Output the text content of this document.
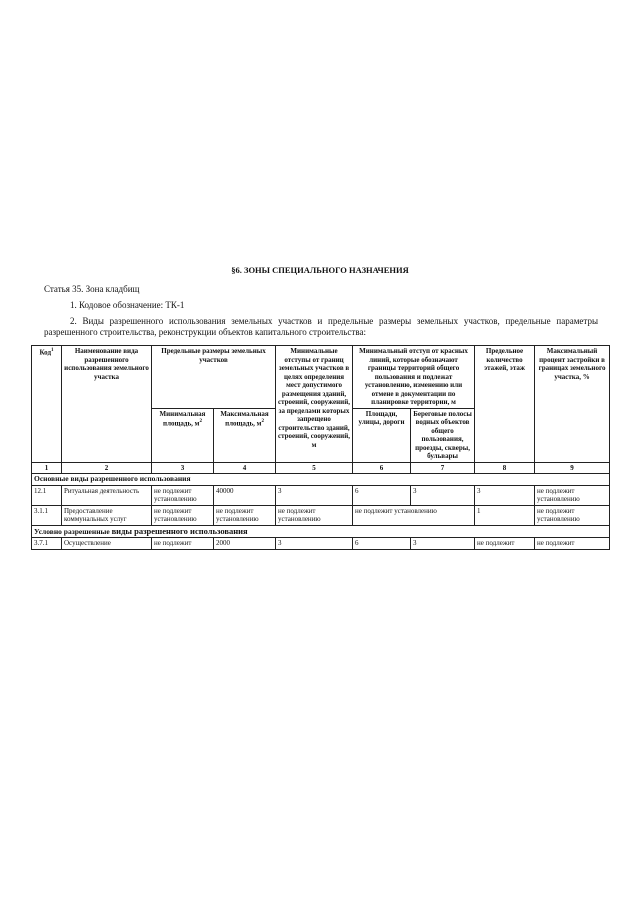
§6. ЗОНЫ СПЕЦИАЛЬНОГО НАЗНАЧЕНИЯ
Статья 35. Зона кладбищ
1. Кодовое обозначение: ТК-1
2. Виды разрешенного использования земельных участков и предельные размеры земельных участков, предельные параметры разрешенного строительства, реконструкции объектов капитального строительства:
Код$^1$	Наименование вида разрешенного использования земельного участка	Предельные размеры земельных участков		Минимальные отступы от границ земельных участков в целях определения мест допустимого размещения зданий, строений, сооружений, за пределами которых запрещено строительство зданий, строений, сооружений, м	Минимальный отступ от красных линий, которые обозначают границы территорий общего пользования и подлежат установлению, изменению или отмене в документации по планировке территории, м		Предельное количество этажей, этаж	Максимальный процент застройки в границах земельного участка, %
		Минимальная площадь, $м^2$	Максимальная площадь, $м^2$		Площади, улицы, дороги	Береговые полосы водных объектов общего пользования, проезды, скверы, бульвары		
1	2	3	4	5	6	7	8	9
Основные виды разрешенного использования								
12.1	Ритуальная деятельность	не подлежит установлению	40000	3	6	3	3	не подлежит установлению
3.1.1	Предоставление коммунальных услуг	не подлежит установлению	не подлежит установлению	не подлежит установлению	не подлежит установлению		1	не подлежит установлению
Условно разрешенные виды разрешенного использования								
3.7.1	Осуществление	не подлежит	2000	3	6	3	не подлежит	не подлежит
